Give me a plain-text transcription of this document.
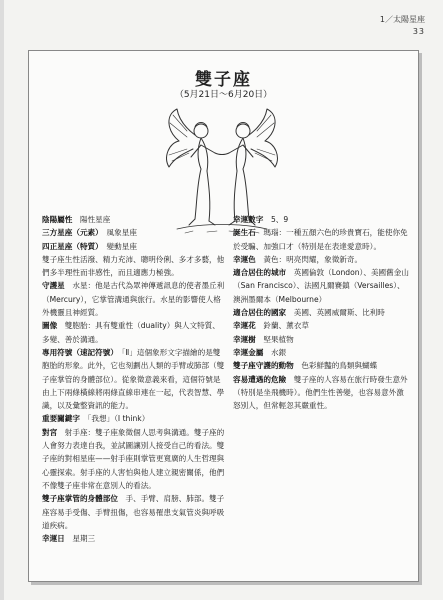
1／太陽星座
33
雙子座
（5月21日～6月20日）

陰陽屬性　 陽性星座

三方星座（元素）　 風象星座

四正星座（特質）　 變動星座

雙子座生性活潑、精力充沛、聰明伶俐、多才多藝，他們多半理性而非感性，而且適應力極強。

守護星　 水星：他是古代為眾神傳遞訊息的使者墨丘利（Mercury），它掌管溝通與旅行。水星的影響使人格外機靈且神經質。

圖像　 雙胞胎：具有雙重性（duality）與人文特質、多變、善於溝通。

專用符號（速記符號）　 「Ⅱ」這個象形文字描繪的是雙胞胎的形象。此外，它也刻劃出人類的手臂或肺部（雙子座掌管的身體部位）。從象徵意義來看，這個符號是由上下兩條橫線將兩條直線串連在一起，代表智慧、學識，以及彙整資訊的能力。

重要關鍵字　 「我想」（I think）

對宮　 射手座：雙子座象徵個人思考與溝通。雙子座的人會努力表達自我，並試圖讓別人接受自己的看法。雙子座的對相星座——射手座則掌管更寬廣的人生哲理與心靈探索。射手座的人害怕與他人建立親密關係，他們不像雙子座非常在意別人的看法。

雙子座掌管的身體部位　 手、手臂、肩膀、肺部。雙子座容易手受傷、手臂扭傷，也容易罹患支氣管炎與呼吸道疾病。

幸運日　 星期三

幸運數字　 5、9

誕生石　 瑪瑙：一種五顏六色的珍貴寶石，能使你免於受騙、加強口才（特別是在表達愛意時）。

幸運色　 黃色：明亮閃耀，象徵新奇。

適合居住的城市　 英國倫敦（London）、美國舊金山（San Francisco）、法國凡爾賽鎮（Versailles）、澳洲墨爾本（Melbourne）

適合居住的國家　 美國、英國威爾斯、比利時

幸運花　 鈴蘭、薰衣草

幸運樹　 堅果植物

幸運金屬　 水銀

雙子座守護的動物　 色彩鮮豔的鳥類與蝴蝶

容易遭遇的危險　 雙子座的人容易在旅行時發生意外（特別是坐飛機時）。他們生性善變，也容易意外激怒別人，但常輕忽其嚴重性。
